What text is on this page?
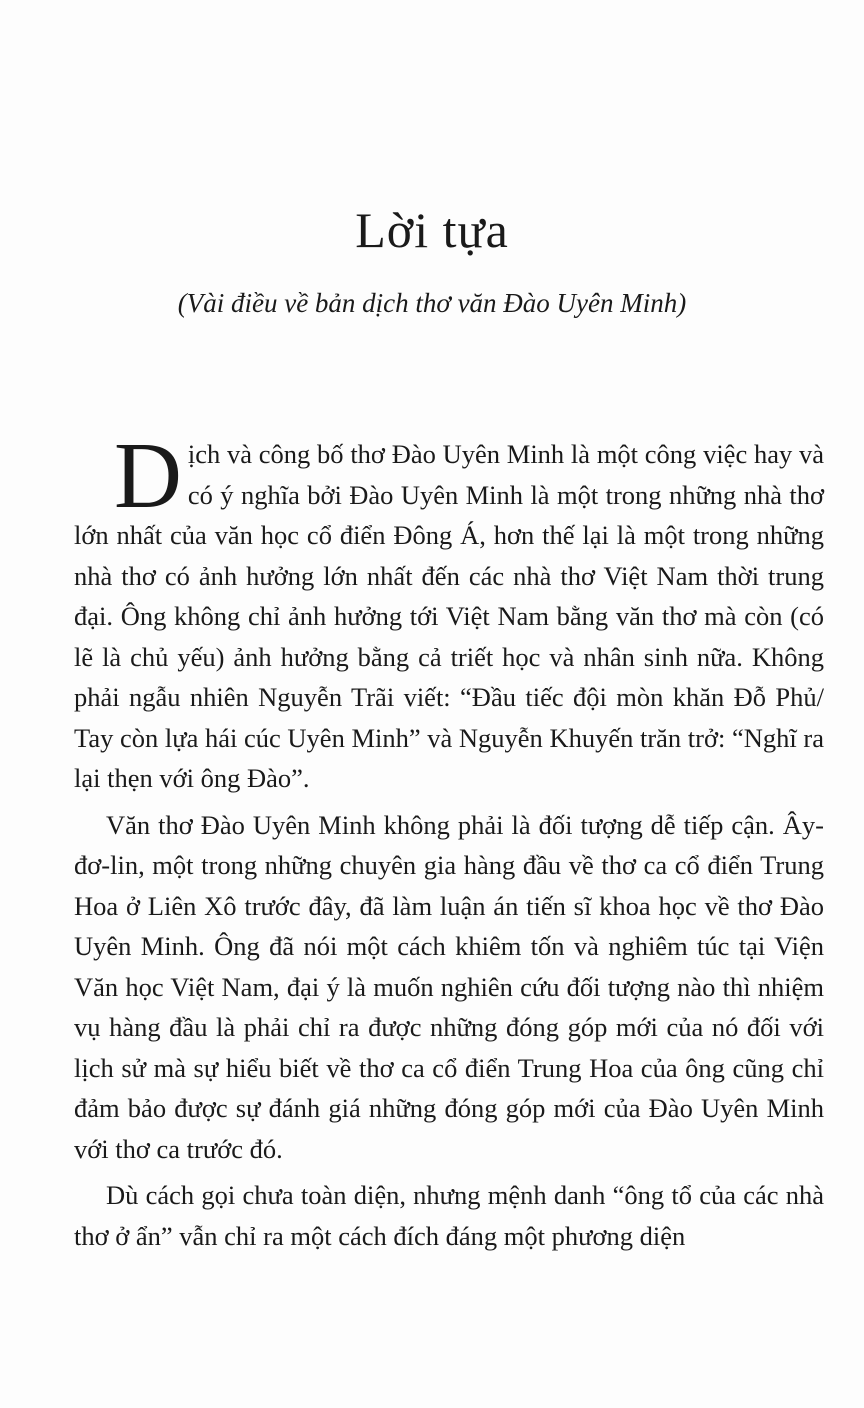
Lời tựa

(Vài điều về bản dịch thơ văn Đào Uyên Minh)

Dịch và công bố thơ Đào Uyên Minh là một công việc hay và có ý nghĩa bởi Đào Uyên Minh là một trong những nhà thơ lớn nhất của văn học cổ điển Đông Á, hơn thế lại là một trong những nhà thơ có ảnh hưởng lớn nhất đến các nhà thơ Việt Nam thời trung đại. Ông không chỉ ảnh hưởng tới Việt Nam bằng văn thơ mà còn (có lẽ là chủ yếu) ảnh hưởng bằng cả triết học và nhân sinh nữa. Không phải ngẫu nhiên Nguyễn Trãi viết: “Đầu tiếc đội mòn khăn Đỗ Phủ/ Tay còn lựa hái cúc Uyên Minh” và Nguyễn Khuyến trăn trở: “Nghĩ ra lại thẹn với ông Đào”.

Văn thơ Đào Uyên Minh không phải là đối tượng dễ tiếp cận. Ây-đơ-lin, một trong những chuyên gia hàng đầu về thơ ca cổ điển Trung Hoa ở Liên Xô trước đây, đã làm luận án tiến sĩ khoa học về thơ Đào Uyên Minh. Ông đã nói một cách khiêm tốn và nghiêm túc tại Viện Văn học Việt Nam, đại ý là muốn nghiên cứu đối tượng nào thì nhiệm vụ hàng đầu là phải chỉ ra được những đóng góp mới của nó đối với lịch sử mà sự hiểu biết về thơ ca cổ điển Trung Hoa của ông cũng chỉ đảm bảo được sự đánh giá những đóng góp mới của Đào Uyên Minh với thơ ca trước đó.

Dù cách gọi chưa toàn diện, nhưng mệnh danh “ông tổ của các nhà thơ ở ẩn” vẫn chỉ ra một cách đích đáng một phương diện
